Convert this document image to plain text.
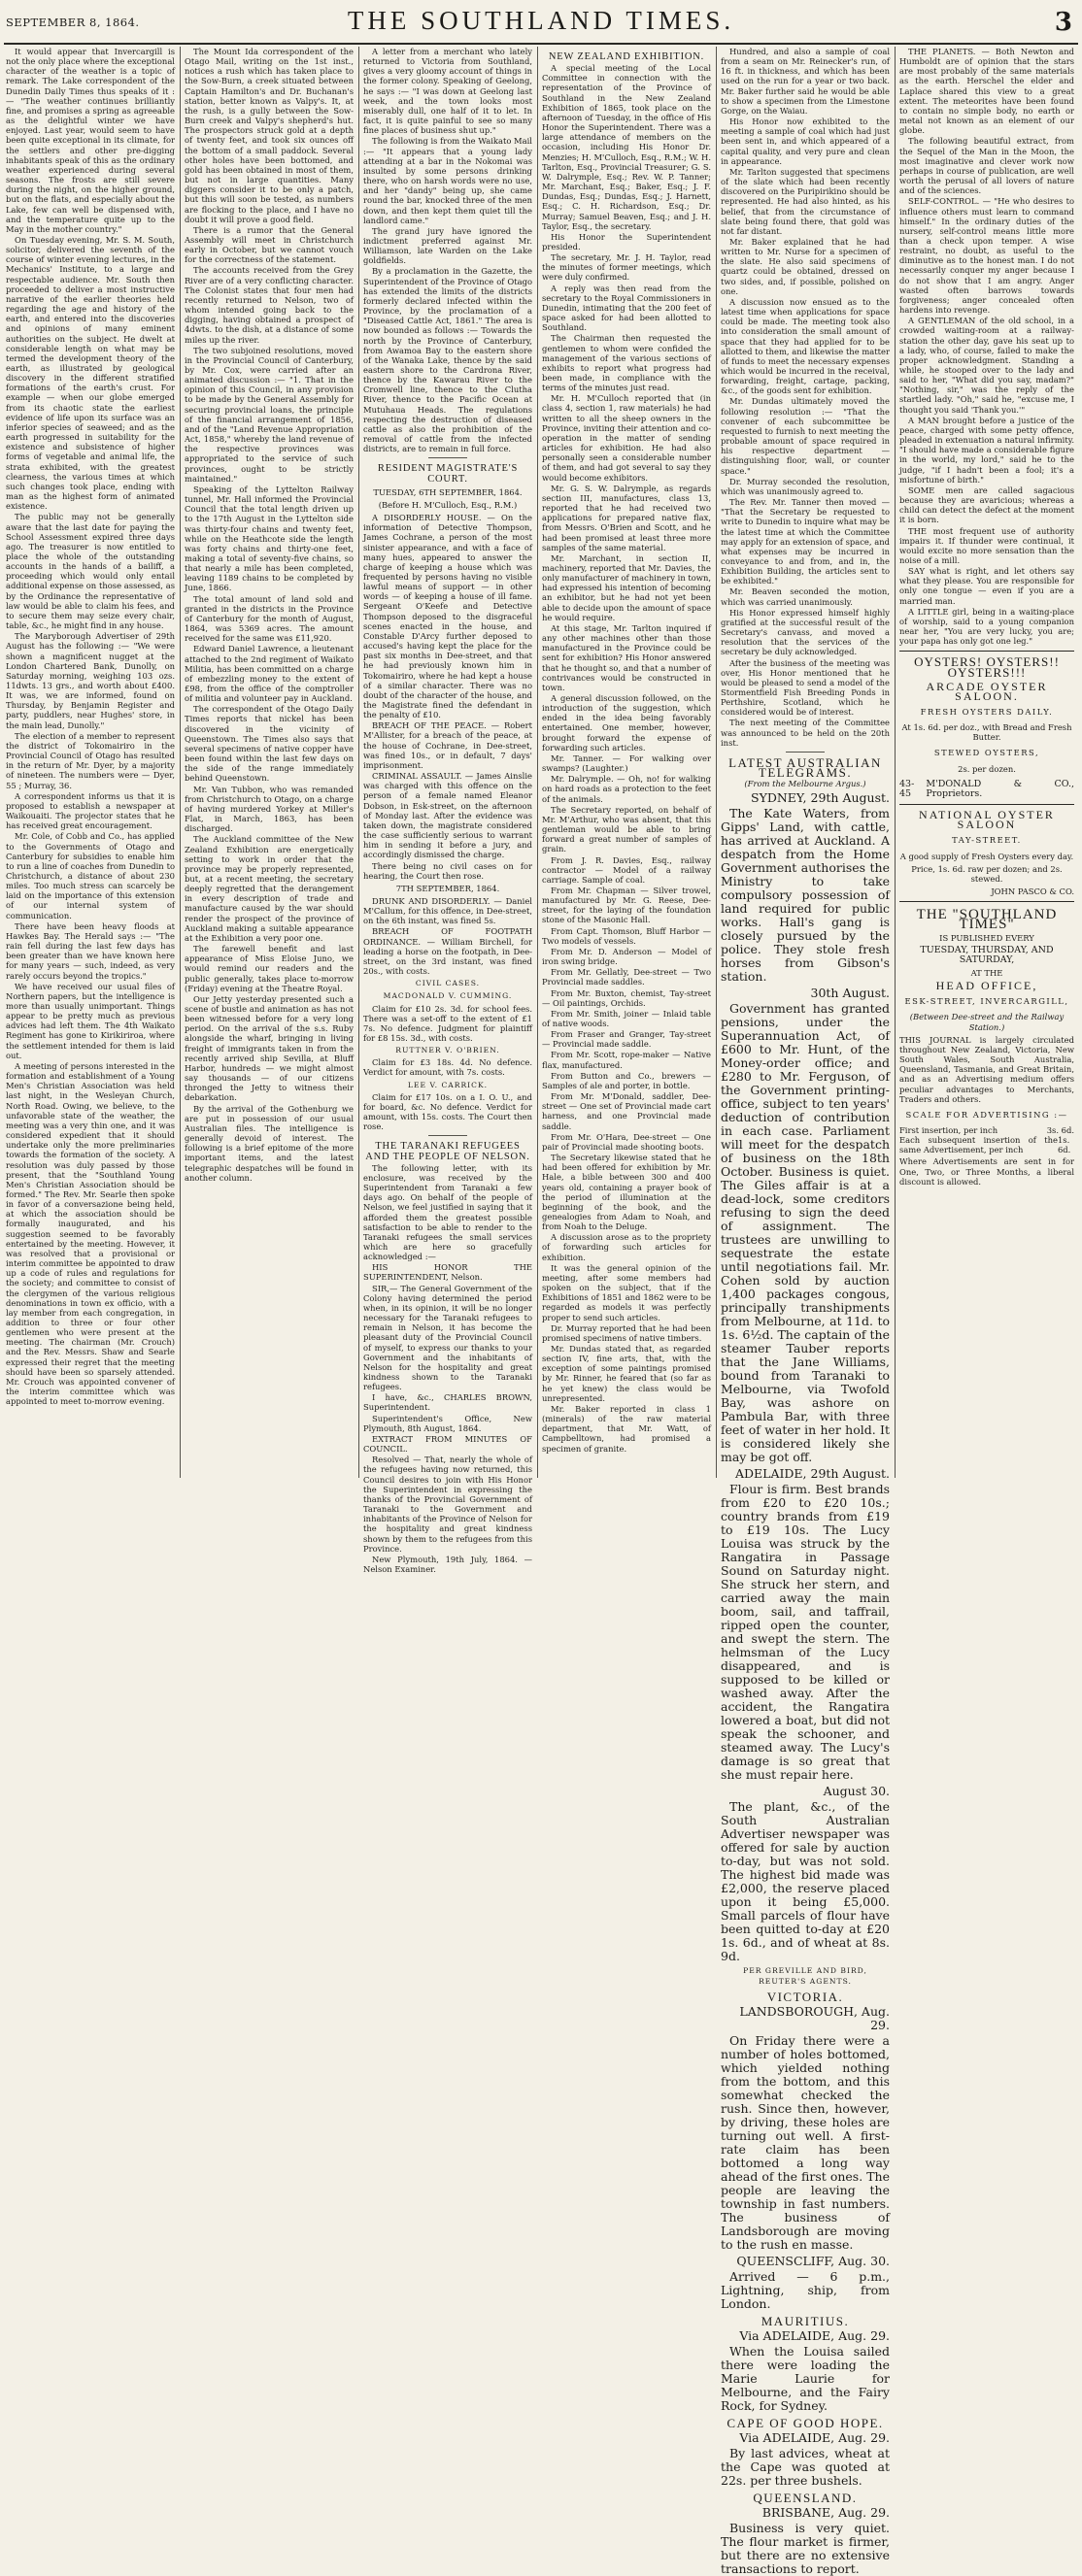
SEPTEMBER 8, 1864.	THE SOUTHLAND TIMES.	3

It would appear that Invercargill is not the only place where the exceptional character of the weather is a topic of remark. The Lake correspondent of the Dunedin Daily Times thus speaks of it :— "The weather continues brilliantly fine, and promises a spring as agreeable as the delightful winter we have enjoyed. Last year, would seem to have been quite exceptional in its climate, for the settlers and other pre-digging inhabitants speak of this as the ordinary weather experienced during several seasons. The frosts are still severe during the night, on the higher ground, but on the flats, and especially about the Lake, few can well be dispensed with, and the temperature quite up to the May in the mother country."

On Tuesday evening, Mr. S. M. South, solicitor, delivered the seventh of the course of winter evening lectures, in the Mechanics' Institute, to a large and respectable audience. Mr. South then proceeded to deliver a most instructive narrative of the earlier theories held regarding the age and history of the earth, and entered into the discoveries and opinions of many eminent authorities on the subject. He dwelt at considerable length on what may be termed the development theory of the earth, as illustrated by geological discovery in the different stratified formations of the earth's crust. For example — when our globe emerged from its chaotic state the earliest evidence of life upon its surface was an inferior species of seaweed; and as the earth progressed in suitability for the existence and subsistence of higher forms of vegetable and animal life, the strata exhibited, with the greatest clearness, the various times at which such changes took place, ending with man as the highest form of animated existence.

The public may not be generally aware that the last date for paying the School Assessment expired three days ago. The treasurer is now entitled to place the whole of the outstanding accounts in the hands of a bailiff, a proceeding which would only entail additional expense on those assessed, as by the Ordinance the representative of law would be able to claim his fees, and to secure them may seize every chair, table, &c., he might find in any house.

The Maryborough Advertiser of 29th August has the following :— "We were shown a magnificent nugget at the London Chartered Bank, Dunolly, on Saturday morning, weighing 103 ozs. 11dwts. 13 grs., and worth about £400. It was, we are informed, found on Thursday, by Benjamin Register and party, puddlers, near Hughes' store, in the main lead, Dunolly."

The election of a member to represent the district of Tokomairiro in the Provincial Council of Otago has resulted in the return of Mr. Dyer, by a majority of nineteen. The numbers were — Dyer, 55 ; Murray, 36.

A correspondent informs us that it is proposed to establish a newspaper at Waikouaiti. The projector states that he has received great encouragement.

Mr. Cole, of Cobb and Co., has applied to the Governments of Otago and Canterbury for subsidies to enable him to run a line of coaches from Dunedin to Christchurch, a distance of about 230 miles. Too much stress can scarcely be laid on the importance of this extension of our internal system of communication.

There have been heavy floods at Hawkes Bay. The Herald says :— "The rain fell during the last few days has been greater than we have known here for many years — such, indeed, as very rarely occurs beyond the tropics."

We have received our usual files of Northern papers, but the intelligence is more than usually unimportant. Things appear to be pretty much as previous advices had left them. The 4th Waikato Regiment has gone to Kirikiriroa, where the settlement intended for them is laid out.

A meeting of persons interested in the formation and establishment of a Young Men's Christian Association was held last night, in the Wesleyan Church, North Road. Owing, we believe, to the unfavorable state of the weather, the meeting was a very thin one, and it was considered expedient that it should undertake only the more preliminaries towards the formation of the society. A resolution was duly passed by those present, that the "Southland Young Men's Christian Association should be formed." The Rev. Mr. Searle then spoke in favor of a conversazione being held, at which the association should be formally inaugurated, and his suggestion seemed to be favorably entertained by the meeting. However, it was resolved that a provisional or interim committee be appointed to draw up a code of rules and regulations for the society; and committee to consist of the clergymen of the various religious denominations in town ex officio, with a lay member from each congregation, in addition to three or four other gentlemen who were present at the meeting. The chairman (Mr. Crouch) and the Rev. Messrs. Shaw and Searle expressed their regret that the meeting should have been so sparsely attended. Mr. Crouch was appointed convener of the interim committee which was appointed to meet to-morrow evening.

The Mount Ida correspondent of the Otago Mail, writing on the 1st inst., notices a rush which has taken place to the Sow-Burn, a creek situated between Captain Hamilton's and Dr. Buchanan's station, better known as Valpy's. It, at the rush, is a gully between the Sow-Burn creek and Valpy's shepherd's hut. The prospectors struck gold at a depth of twenty feet, and took six ounces off the bottom of a small paddock. Several other holes have been bottomed, and gold has been obtained in most of them, but not in large quantities. Many diggers consider it to be only a patch, but this will soon be tested, as numbers are flocking to the place, and I have no doubt it will prove a good field.

There is a rumor that the General Assembly will meet in Christchurch early in October, but we cannot vouch for the correctness of the statement.

The accounts received from the Grey River are of a very conflicting character. The Colonist states that four men had recently returned to Nelson, two of whom intended going back to the digging, having obtained a prospect of 4dwts. to the dish, at a distance of some miles up the river.

The two subjoined resolutions, moved in the Provincial Council of Canterbury, by Mr. Cox, were carried after an animated discussion :— "1. That in the opinion of this Council, in any provision to be made by the General Assembly for securing provincial loans, the principle of the financial arrangement of 1856, and of the "Land Revenue Appropriation Act, 1858," whereby the land revenue of the respective provinces was appropriated to the service of such provinces, ought to be strictly maintained."

Speaking of the Lyttelton Railway tunnel, Mr. Hall informed the Provincial Council that the total length driven up to the 17th August in the Lyttelton side was thirty-four chains and twenty feet, while on the Heathcote side the length was forty chains and thirty-one feet, making a total of seventy-five chains, so that nearly a mile has been completed, leaving 1189 chains to be completed by June, 1866.

The total amount of land sold and granted in the districts in the Province of Canterbury for the month of August, 1864, was 5369 acres. The amount received for the same was £11,920.

Edward Daniel Lawrence, a lieutenant attached to the 2nd regiment of Waikato Militia, has been committed on a charge of embezzling money to the extent of £98, from the office of the comptroller of militia and volunteer pay in Auckland.

The correspondent of the Otago Daily Times reports that nickel has been discovered in the vicinity of Queenstown. The Times also says that several specimens of native copper have been found within the last few days on the side of the range immediately behind Queenstown.

Mr. Van Tubbon, who was remanded from Christchurch to Otago, on a charge of having murdered Yorkey at Miller's Flat, in March, 1863, has been discharged.

The Auckland committee of the New Zealand Exhibition are energetically setting to work in order that the province may be properly represented, but, at a recent meeting, the secretary deeply regretted that the derangement in every description of trade and manufacture caused by the war should render the prospect of the province of Auckland making a suitable appearance at the Exhibition a very poor one.

The farewell benefit and last appearance of Miss Eloise Juno, we would remind our readers and the public generally, takes place to-morrow (Friday) evening at the Theatre Royal.

Our Jetty yesterday presented such a scene of bustle and animation as has not been witnessed before for a very long period. On the arrival of the s.s. Ruby alongside the wharf, bringing in living freight of immigrants taken in from the recently arrived ship Sevilla, at Bluff Harbor, hundreds — we might almost say thousands — of our citizens thronged the Jetty to witness their debarkation.

By the arrival of the Gothenburg we are put in possession of our usual Australian files. The intelligence is generally devoid of interest. The following is a brief epitome of the more important items, and the latest telegraphic despatches will be found in another column.

A letter from a merchant who lately returned to Victoria from Southland, gives a very gloomy account of things in the former colony. Speaking of Geelong, he says :— "I was down at Geelong last week, and the town looks most miserably dull, one half of it to let. In fact, it is quite painful to see so many fine places of business shut up."

The following is from the Waikato Mail :— "It appears that a young lady attending at a bar in the Nokomai was insulted by some persons drinking there, who on harsh words were no use, and her "dandy" being up, she came round the bar, knocked three of the men down, and then kept them quiet till the landlord came."

The grand jury have ignored the indictment preferred against Mr. Williamson, late Warden on the Lake goldfields.

By a proclamation in the Gazette, the Superintendent of the Province of Otago has extended the limits of the districts formerly declared infected within the Province, by the proclamation of a "Diseased Cattle Act, 1861." The area is now bounded as follows :— Towards the north by the Province of Canterbury, from Awamoa Bay to the eastern shore of the Wanaka Lake, thence by the said eastern shore to the Cardrona River, thence by the Kawarau River to the Cromwell line, thence to the Clutha River, thence to the Pacific Ocean at Mutuhaua Heads. The regulations respecting the destruction of diseased cattle as also the prohibition of the removal of cattle from the infected districts, are to remain in full force.

RESIDENT MAGISTRATE'S COURT.

TUESDAY, 6TH SEPTEMBER, 1864.

(Before H. M'Culloch, Esq., R.M.)

A DISORDERLY HOUSE. — On the information of Detective Thompson, James Cochrane, a person of the most sinister appearance, and with a face of many hues, appeared to answer the charge of keeping a house which was frequented by persons having no visible lawful means of support — in other words — of keeping a house of ill fame. Sergeant O'Keefe and Detective Thompson deposed to the disgraceful scenes enacted in the house, and Constable D'Arcy further deposed to accused's having kept the place for the past six months in Dee-street, and that he had previously known him in Tokomairiro, where he had kept a house of a similar character. There was no doubt of the character of the house, and the Magistrate fined the defendant in the penalty of £10.

BREACH OF THE PEACE. — Robert M'Allister, for a breach of the peace, at the house of Cochrane, in Dee-street, was fined 10s., or in default, 7 days' imprisonment.

CRIMINAL ASSAULT. — James Ainslie was charged with this offence on the person of a female named Eleanor Dobson, in Esk-street, on the afternoon of Monday last. After the evidence was taken down, the magistrate considered the case sufficiently serious to warrant him in sending it before a jury, and accordingly dismissed the charge.

There being no civil cases on for hearing, the Court then rose.

7TH SEPTEMBER, 1864.

DRUNK AND DISORDERLY. — Daniel M'Callum, for this offence, in Dee-street, on the 6th instant, was fined 5s.

BREACH OF FOOTPATH ORDINANCE. — William Birchell, for leading a horse on the footpath, in Dee-street, on the 3rd instant, was fined 20s., with costs.

CIVIL CASES.

MACDONALD V. CUMMING.

Claim for £10 2s. 3d. for school fees. There was a set-off to the extent of £1 7s. No defence. Judgment for plaintiff for £8 15s. 3d., with costs.

RUTTNER V. O'BRIEN.

Claim for £3 18s. 4d. No defence. Verdict for amount, with 7s. costs.

LEE V. CARRICK.

Claim for £17 10s. on a I. O. U., and for board, &c. No defence. Verdict for amount, with 15s. costs. The Court then rose.

THE TARANAKI REFUGEES AND THE PEOPLE OF NELSON.

The following letter, with its enclosure, was received by the Superintendent from Taranaki a few days ago. On behalf of the people of Nelson, we feel justified in saying that it afforded them the greatest possible satisfaction to be able to render to the Taranaki refugees the small services which are here so gracefully acknowledged :—

HIS HONOR THE SUPERINTENDENT, Nelson.

SIR,— The General Government of the Colony having determined the period when, in its opinion, it will be no longer necessary for the Taranaki refugees to remain in Nelson, it has become the pleasant duty of the Provincial Council of myself, to express our thanks to your Government and the inhabitants of Nelson for the hospitality and great kindness shown to the Taranaki refugees.

I have, &c., CHARLES BROWN, Superintendent.

Superintendent's Office, New Plymouth, 8th August, 1864.

EXTRACT FROM MINUTES OF COUNCIL.

Resolved — That, nearly the whole of the refugees having now returned, this Council desires to join with His Honor the Superintendent in expressing the thanks of the Provincial Government of Taranaki to the Government and inhabitants of the Province of Nelson for the hospitality and great kindness shown by them to the refugees from this Province.

New Plymouth, 19th July, 1864. — Nelson Examiner.

NEW ZEALAND EXHIBITION.

A special meeting of the Local Committee in connection with the representation of the Province of Southland in the New Zealand Exhibition of 1865, took place on the afternoon of Tuesday, in the office of His Honor the Superintendent. There was a large attendance of members on the occasion, including His Honor Dr. Menzies; H. M'Culloch, Esq., R.M.; W. H. Tarlton, Esq., Provincial Treasurer; G. S. W. Dalrymple, Esq.; Rev. W. P. Tanner; Mr. Marchant, Esq.; Baker, Esq.; J. F. Dundas, Esq.; Dundas, Esq.; J. Harnett, Esq.; C. H. Richardson, Esq.; Dr. Murray; Samuel Beaven, Esq.; and J. H. Taylor, Esq., the secretary.

His Honor the Superintendent presided.

The secretary, Mr. J. H. Taylor, read the minutes of former meetings, which were duly confirmed.

A reply was then read from the secretary to the Royal Commissioners in Dunedin, intimating that the 200 feet of space asked for had been allotted to Southland.

The Chairman then requested the gentlemen to whom were confided the management of the various sections of exhibits to report what progress had been made, in compliance with the terms of the minutes just read.

Mr. H. M'Culloch reported that (in class 4, section 1, raw materials) he had written to all the sheep owners in the Province, inviting their attention and co-operation in the matter of sending articles for exhibition. He had also personally seen a considerable number of them, and had got several to say they would become exhibitors.

Mr. G. S. W. Dalrymple, as regards section III, manufactures, class 13, reported that he had received two applications for prepared native flax, from Messrs. O'Brien and Scott, and he had been promised at least three more samples of the same material.

Mr. Marchant, in section II, machinery, reported that Mr. Davies, the only manufacturer of machinery in town, had expressed his intention of becoming an exhibitor, but he had not yet been able to decide upon the amount of space he would require.

At this stage, Mr. Tarlton inquired if any other machines other than those manufactured in the Province could be sent for exhibition? His Honor answered that he thought so, and that a number of contrivances would be constructed in town.

A general discussion followed, on the introduction of the suggestion, which ended in the idea being favorably entertained. One member, however, brought forward the expense of forwarding such articles.

Mr. Tanner. — For walking over swamps? (Laughter.)

Mr. Dalrymple. — Oh, no! for walking on hard roads as a protection to the feet of the animals.

The Secretary reported, on behalf of Mr. M'Arthur, who was absent, that this gentleman would be able to bring forward a great number of samples of grain.

From J. R. Davies, Esq., railway contractor — Model of a railway carriage. Sample of coal.

From Mr. Chapman — Silver trowel, manufactured by Mr. G. Reese, Dee-street, for the laying of the foundation stone of the Masonic Hall.

From Capt. Thomson, Bluff Harbor — Two models of vessels.

From Mr. D. Anderson — Model of iron swing bridge.

From Mr. Gellatly, Dee-street — Two Provincial made saddles.

From Mr. Buxton, chemist, Tay-street — Oil paintings, Orchids.

From Mr. Smith, joiner — Inlaid table of native woods.

From Fraser and Granger, Tay-street — Provincial made saddle.

From Mr. Scott, rope-maker — Native flax, manufactured.

From Button and Co., brewers — Samples of ale and porter, in bottle.

From Mr. M'Donald, saddler, Dee-street — One set of Provincial made cart harness, and one Provincial made saddle.

From Mr. O'Hara, Dee-street — One pair of Provincial made shooting boots.

The Secretary likewise stated that he had been offered for exhibition by Mr. Hale, a bible between 300 and 400 years old, containing a prayer book of the period of illumination at the beginning of the book, and the genealogies from Adam to Noah, and from Noah to the Deluge.

A discussion arose as to the propriety of forwarding such articles for exhibition.

It was the general opinion of the meeting, after some members had spoken on the subject, that if the Exhibitions of 1851 and 1862 were to be regarded as models it was perfectly proper to send such articles.

Dr. Murray reported that he had been promised specimens of native timbers.

Mr. Dundas stated that, as regarded section IV, fine arts, that, with the exception of some paintings promised by Mr. Rinner, he feared that (so far as he yet knew) the class would be unrepresented.

Mr. Baker reported in class 1 (minerals) of the raw material department, that Mr. Watt, of Campbelltown, had promised a specimen of granite.

Hundred, and also a sample of coal from a seam on Mr. Reinecker's run, of 16 ft. in thickness, and which has been used on the run for a year or two back. Mr. Baker further said he would be able to show a specimen from the Limestone Gorge, on the Waiau.

His Honor now exhibited to the meeting a sample of coal which had just been sent in, and which appeared of a capital quality, and very pure and clean in appearance.

Mr. Tarlton suggested that specimens of the slate which had been recently discovered on the Puripirikino should be represented. He had also hinted, as his belief, that from the circumstance of slate being found there, that gold was not far distant.

Mr. Baker explained that he had written to Mr. Nurse for a specimen of the slate. He also said specimens of quartz could be obtained, dressed on two sides, and, if possible, polished on one.

A discussion now ensued as to the latest time when applications for space could be made. The meeting took also into consideration the small amount of space that they had applied for to be allotted to them, and likewise the matter of funds to meet the necessary expenses which would be incurred in the receival, forwarding, freight, cartage, packing, &c., of the goods sent for exhibition.

Mr. Dundas ultimately moved the following resolution :— "That the convener of each subcommittee be requested to furnish to next meeting the probable amount of space required in his respective department — distinguishing floor, wall, or counter space."

Dr. Murray seconded the resolution, which was unanimously agreed to.

The Rev. Mr. Tanner then moved — "That the Secretary be requested to write to Dunedin to inquire what may be the latest time at which the Committee may apply for an extension of space, and what expenses may be incurred in conveyance to and from, and in, the Exhibition Building, the articles sent to be exhibited."

Mr. Beaven seconded the motion, which was carried unanimously.

His Honor expressed himself highly gratified at the successful result of the Secretary's canvass, and moved a resolution that the services of the secretary be duly acknowledged.

After the business of the meeting was over, His Honor mentioned that he would be pleased to send a model of the Stormentfield Fish Breeding Ponds in Perthshire, Scotland, which he considered would be of interest.

The next meeting of the Committee was announced to be held on the 20th inst.

LATEST AUSTRALIAN TELEGRAMS.

(From the Melbourne Argus.)

SYDNEY, 29th August.

The Kate Waters, from Gipps' Land, with cattle, has arrived at Auckland. A despatch from the Home Government authorises the Ministry to take compulsory possession of land required for public works. Hall's gang is closely pursued by the police. They stole fresh horses from Gibson's station.

30th August.

Government has granted pensions, under the Superannuation Act, of £600 to Mr. Hunt, of the Money-order office; and £280 to Mr. Ferguson, of the Government printing-office, subject to ten years' deduction of contribution in each case. Parliament will meet for the despatch of business on the 18th October. Business is quiet. The Giles affair is at a dead-lock, some creditors refusing to sign the deed of assignment. The trustees are unwilling to sequestrate the estate until negotiations fail. Mr. Cohen sold by auction 1,400 packages congous, principally transhipments from Melbourne, at 11d. to 1s. 6½d. The captain of the steamer Tauber reports that the Jane Williams, bound from Taranaki to Melbourne, via Twofold Bay, was ashore on Pambula Bar, with three feet of water in her hold. It is considered likely she may be got off.

ADELAIDE, 29th August.

Flour is firm. Best brands from £20 to £20 10s.; country brands from £19 to £19 10s. The Lucy Louisa was struck by the Rangatira in Passage Sound on Saturday night. She struck her stern, and carried away the main boom, sail, and taffrail, ripped open the counter, and swept the stern. The helmsman of the Lucy disappeared, and is supposed to be killed or washed away. After the accident, the Rangatira lowered a boat, but did not speak the schooner, and steamed away. The Lucy's damage is so great that she must repair here.

August 30.

The plant, &c., of the South Australian Advertiser newspaper was offered for sale by auction to-day, but was not sold. The highest bid made was £2,000, the reserve placed upon it being £5,000. Small parcels of flour have been quitted to-day at £20 1s. 6d., and of wheat at 8s. 9d.

PER GREVILLE AND BIRD, REUTER'S AGENTS.

VICTORIA.

LANDSBOROUGH, Aug. 29.

On Friday there were a number of holes bottomed, which yielded nothing from the bottom, and this somewhat checked the rush. Since then, however, by driving, these holes are turning out well. A first-rate claim has been bottomed a long way ahead of the first ones. The people are leaving the township in fast numbers. The business of Landsborough are moving to the rush en masse.

QUEENSCLIFF, Aug. 30.

Arrived — 6 p.m., Lightning, ship, from London.

MAURITIUS.

Via ADELAIDE, Aug. 29.

When the Louisa sailed there were loading the Marie Laurie for Melbourne, and the Fairy Rock, for Sydney.

CAPE OF GOOD HOPE.

Via ADELAIDE, Aug. 29.

By last advices, wheat at the Cape was quoted at 22s. per three bushels.

QUEENSLAND.

BRISBANE, Aug. 29.

Business is very quiet. The flour market is firmer, but there are no extensive transactions to report.

THE PLANETS. — Both Newton and Humboldt are of opinion that the stars are most probably of the same materials as the earth. Herschel the elder and Laplace shared this view to a great extent. The meteorites have been found to contain no simple body, no earth or metal not known as an element of our globe.

The following beautiful extract, from the Sequel of the Man in the Moon, the most imaginative and clever work now perhaps in course of publication, are well worth the perusal of all lovers of nature and of the sciences.

SELF-CONTROL. — "He who desires to influence others must learn to command himself." In the ordinary duties of the nursery, self-control means little more than a check upon temper. A wise restraint, no doubt, as useful to the diminutive as to the honest man. I do not necessarily conquer my anger because I do not show that I am angry. Anger wasted often barrows towards forgiveness; anger concealed often hardens into revenge.

A GENTLEMAN of the old school, in a crowded waiting-room at a railway-station the other day, gave his seat up to a lady, who, of course, failed to make the proper acknowledgment. Standing a while, he stooped over to the lady and said to her, "What did you say, madam?" "Nothing, sir," was the reply of the startled lady. "Oh," said he, "excuse me, I thought you said 'Thank you.'"

A MAN brought before a justice of the peace, charged with some petty offence, pleaded in extenuation a natural infirmity. "I should have made a considerable figure in the world, my lord," said he to the judge, "if I hadn't been a fool; it's a misfortune of birth."

SOME men are called sagacious because they are avaricious; whereas a child can detect the defect at the moment it is born.

THE most frequent use of authority impairs it. If thunder were continual, it would excite no more sensation than the noise of a mill.

SAY what is right, and let others say what they please. You are responsible for only one tongue — even if you are a married man.

A LITTLE girl, being in a waiting-place of worship, said to a young companion near her, "You are very lucky, you are; your papa has only got one leg."

OYSTERS! OYSTERS!! OYSTERS!!!
ARCADE OYSTER SALOON.
FRESH OYSTERS DAILY.
At 1s. 6d. per doz., with Bread and Fresh Butter.
STEWED OYSTERS,
2s. per dozen.
43-45
M'DONALD & CO., Proprietors.
NATIONAL OYSTER SALOON
TAY-STREET.
A good supply of Fresh Oysters every day.
Price, 1s. 6d. raw per dozen; and 2s. stewed.
JOHN PASCO & CO.
THE "SOUTHLAND TIMES"
IS PUBLISHED EVERY
TUESDAY, THURSDAY, AND SATURDAY,
AT THE
HEAD OFFICE,
ESK-STREET, INVERCARGILL,
(Between Dee-street and the Railway Station.)
THIS JOURNAL is largely circulated throughout New Zealand, Victoria, New South Wales, South Australia, Queensland, Tasmania, and Great Britain, and as an Advertising medium offers peculiar advantages to Merchants, Traders and others.
SCALE FOR ADVERTISING :—
First insertion, per inch	3s. 6d.
Each subsequent insertion of the same Advertisement, per inch
1s. 6d.
Where Advertisements are sent in for One, Two, or Three Months, a liberal discount is allowed.
